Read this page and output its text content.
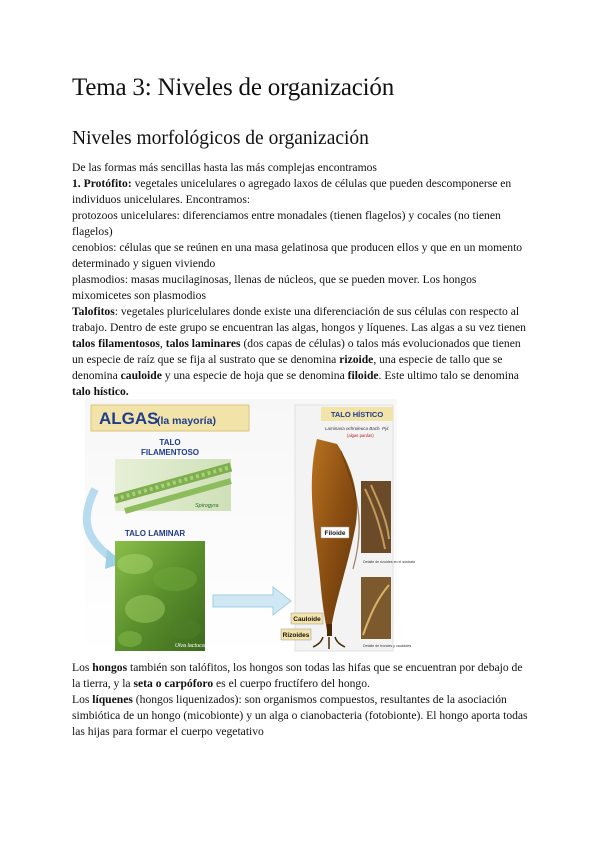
Tema 3: Niveles de organización
Niveles morfológicos de organización
De las formas más sencillas hasta las más complejas encontramos
1. Protófito: vegetales unicelulares o agregado laxos de células que pueden descomponerse en individuos unicelulares. Encontramos:
protozoos unicelulares: diferenciamos entre monadales (tienen flagelos) y cocales (no tienen flagelos)
cenobios: células que se reúnen en una masa gelatinosa que producen ellos y que en un momento determinado y siguen viviendo
plasmodios: masas mucilaginosas, llenas de núcleos, que se pueden mover. Los hongos mixomicetes son plasmodios
Talofitos: vegetales pluricelulares donde existe una diferenciación de sus células con respecto al trabajo. Dentro de este grupo se encuentran las algas, hongos y líquenes. Las algas a su vez tienen talos filamentosos, talos laminares (dos capas de células) o talos más evolucionados que tienen un especie de raíz que se fija al sustrato que se denomina rizoide, una especie de tallo que se denomina cauloide y una especie de hoja que se denomina filoide. Este ultimo talo se denomina talo hístico.
ALGAS
(la mayoría)
TALO
FILAMENTOSO
Spirogyra
TALO LAMINAR
Ulva lactuca
TALO HÍSTICO
Laminaria ochroleuca Bach. Pyl.
(algas pardas)
Filoide
Cauloide
Rizoides
Detalle de rizoides en el sustrato
Detalle de frondes y cauloides
Los hongos también son talófitos, los hongos son todas las hifas que se encuentran por debajo de la tierra, y la seta o carpóforo es el cuerpo fructífero del hongo.
Los líquenes (hongos liquenizados): son organismos compuestos, resultantes de la asociación simbiótica de un hongo (micobionte) y un alga o cianobacteria (fotobionte). El hongo aporta todas las hijas para formar el cuerpo vegetativo
